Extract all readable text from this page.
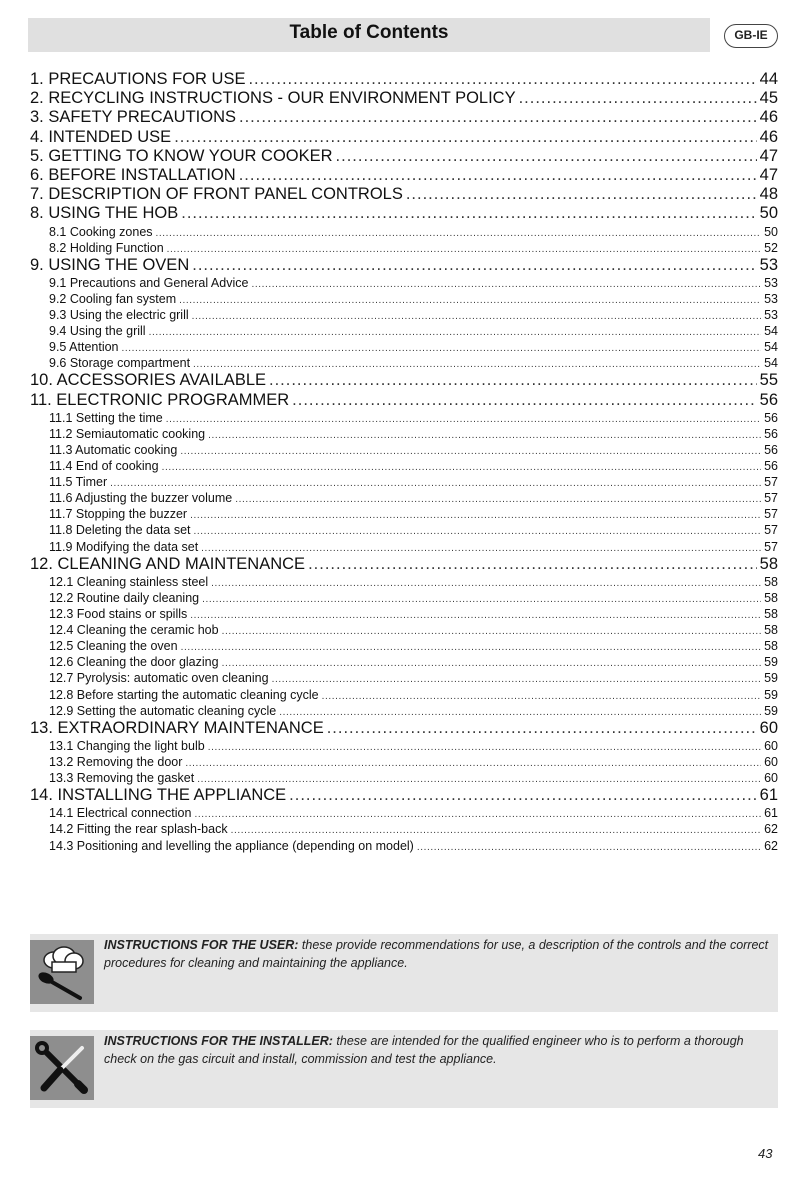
Table of Contents	GB-IE
1. PRECAUTIONS FOR USE .....	44
2. RECYCLING INSTRUCTIONS - OUR ENVIRONMENT POLICY .....	45
3. SAFETY PRECAUTIONS .....	46
4. INTENDED USE .....	46
5. GETTING TO KNOW YOUR COOKER .....	47
6. BEFORE INSTALLATION .....	47
7. DESCRIPTION OF FRONT PANEL CONTROLS .....	48
8. USING THE HOB .....	50
8.1 Cooking zones .....	50
8.2 Holding Function .....	52
9. USING THE OVEN .....	53
9.1 Precautions and General Advice .....	53
9.2 Cooling fan system .....	53
9.3 Using the electric grill .....	53
9.4 Using the grill .....	54
9.5 Attention .....	54
9.6 Storage compartment .....	54
10. ACCESSORIES AVAILABLE .....	55
11. ELECTRONIC PROGRAMMER .....	56
11.1 Setting the time .....	56
11.2 Semiautomatic cooking .....	56
11.3 Automatic cooking .....	56
11.4 End of cooking .....	56
11.5 Timer .....	57
11.6 Adjusting the buzzer volume .....	57
11.7 Stopping the buzzer .....	57
11.8 Deleting the data set .....	57
11.9 Modifying the data set .....	57
12. CLEANING AND MAINTENANCE .....	58
12.1 Cleaning stainless steel .....	58
12.2 Routine daily cleaning .....	58
12.3 Food stains or spills .....	58
12.4 Cleaning the ceramic hob .....	58
12.5 Cleaning the oven .....	58
12.6 Cleaning the door glazing .....	59
12.7 Pyrolysis: automatic oven cleaning .....	59
12.8 Before starting the automatic cleaning cycle .....	59
12.9 Setting the automatic cleaning cycle .....	59
13. EXTRAORDINARY MAINTENANCE .....	60
13.1 Changing the light bulb .....	60
13.2 Removing the door .....	60
13.3 Removing the gasket .....	60
14. INSTALLING THE APPLIANCE .....	61
14.1 Electrical connection .....	61
14.2 Fitting the rear splash-back .....	62
14.3 Positioning and levelling the appliance (depending on model) .....	62
INSTRUCTIONS FOR THE USER: these provide recommendations for use, a description of the controls and the correct procedures for cleaning and maintaining the appliance.
INSTRUCTIONS FOR THE INSTALLER: these are intended for the qualified engineer who is to perform a thorough check on the gas circuit and install, commission and test the appliance.
43
